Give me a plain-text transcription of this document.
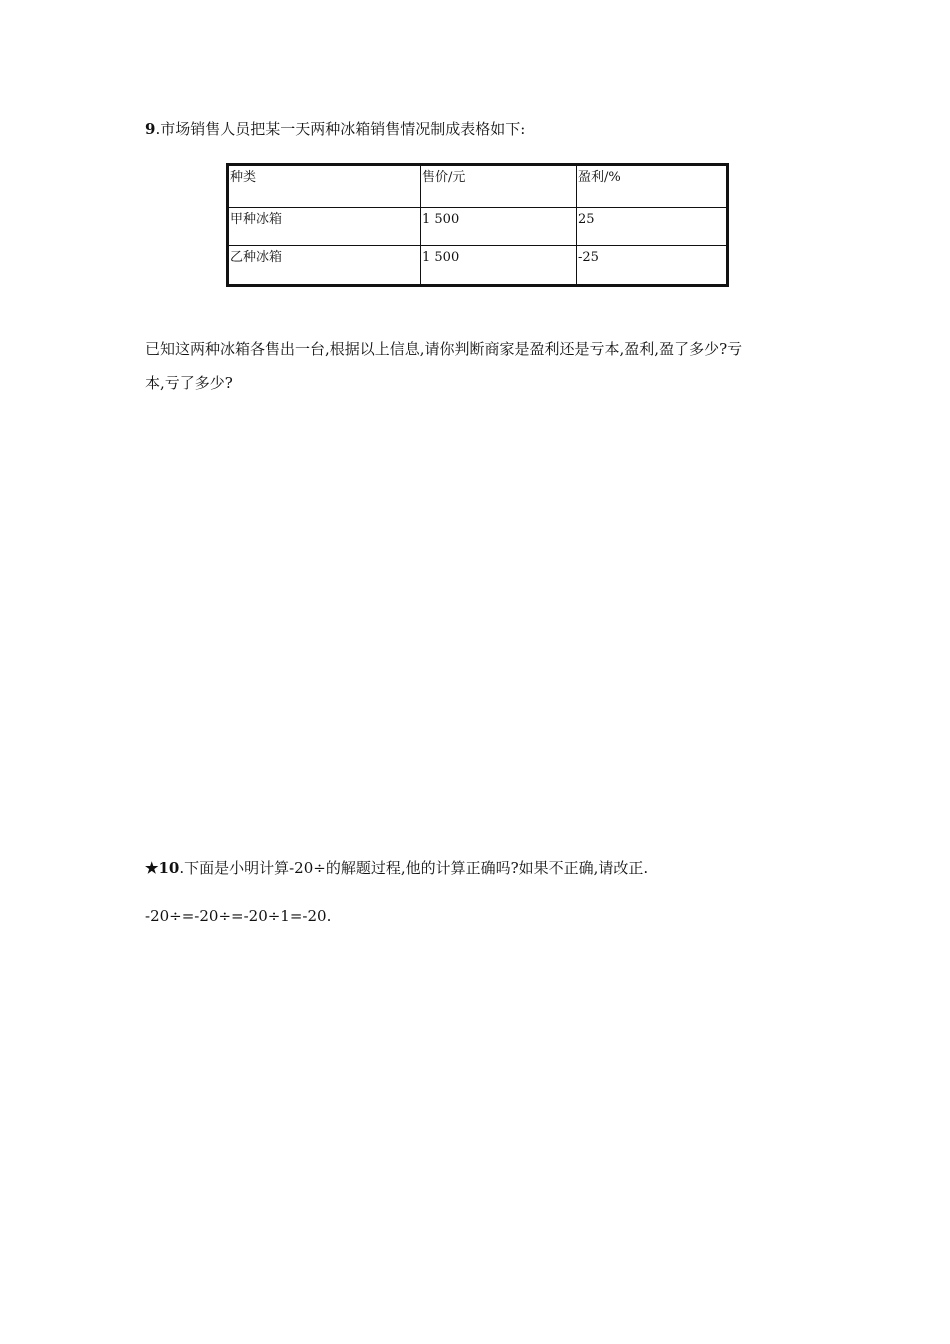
9.市场销售人员把某一天两种冰箱销售情况制成表格如下:
种类	售价/元	盈利/%
甲种冰箱	1 500	25
乙种冰箱	1 500	-25
已知这两种冰箱各售出一台,根据以上信息,请你判断商家是盈利还是亏本,盈利,盈了多少?亏
本,亏了多少?
★10.下面是小明计算-20÷的解题过程,他的计算正确吗?如果不正确,请改正.
-20÷=-20÷=-20÷1=-20.
